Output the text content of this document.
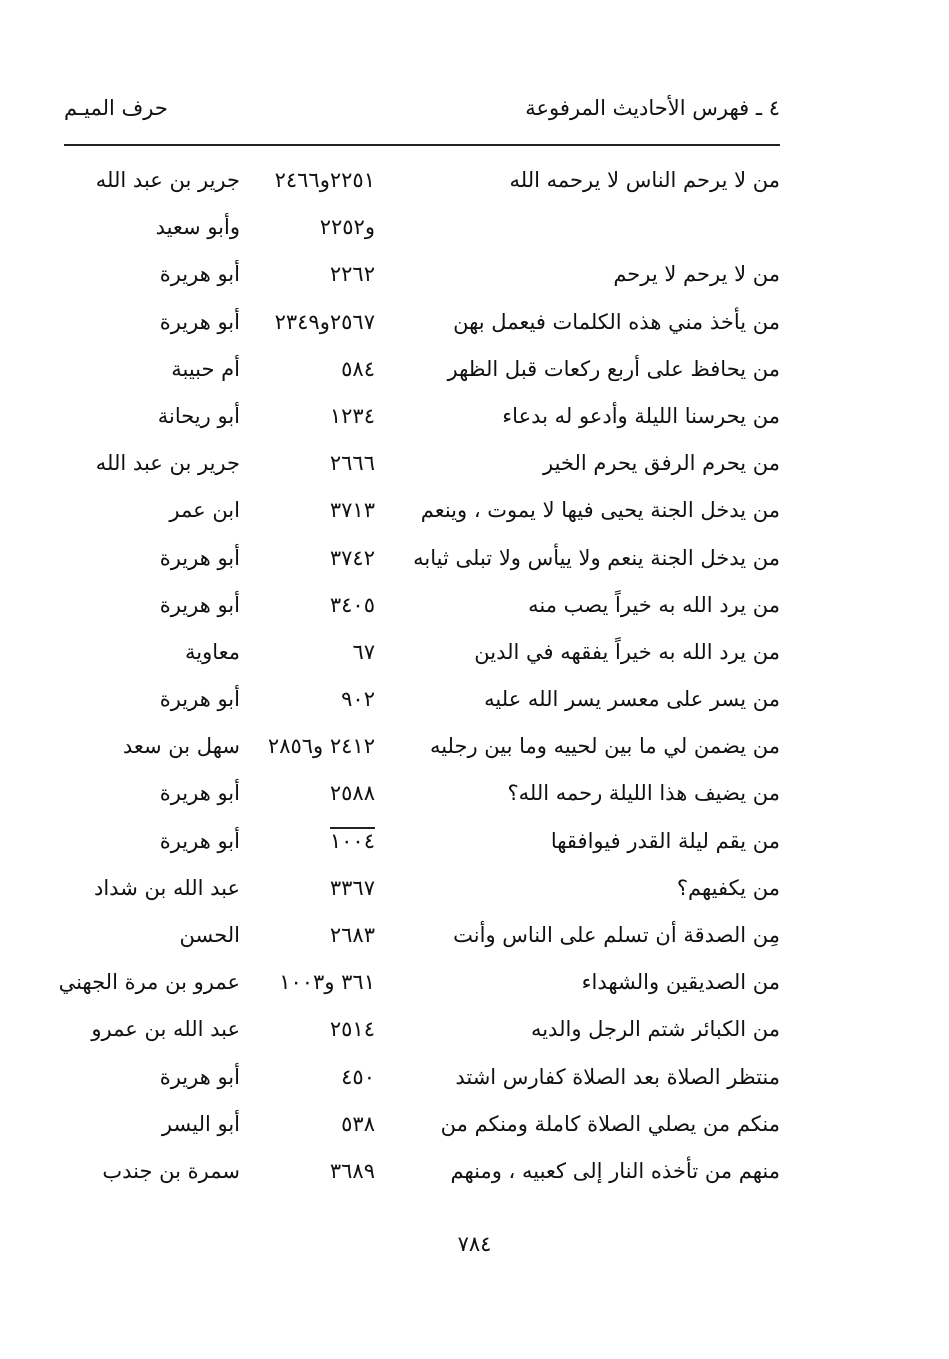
٤ ـ فهرس الأحاديث المرفوعة
حرف الميـم
من لا يرحم الناس لا يرحمه الله
٢٢٥١و٢٤٦٦
جرير بن عبد الله
و٢٢٥٢
وأبو سعيد
من لا يرحم لا يرحم
٢٢٦٢
أبو هريرة
من يأخذ مني هذه الكلمات فيعمل بهن
٢٥٦٧و٢٣٤٩
أبو هريرة
من يحافظ على أربع ركعات قبل الظهر
٥٨٤
أم حبيبة
من يحرسنا الليلة وأدعو له بدعاء
١٢٣٤
أبو ريحانة
من يحرم الرفق يحرم الخير
٢٦٦٦
جرير بن عبد الله
من يدخل الجنة يحيى فيها لا يموت ، وينعم
٣٧١٣
ابن عمر
من يدخل الجنة ينعم ولا ييأس ولا تبلى ثيابه
٣٧٤٢
أبو هريرة
من يرد الله به خيراً يصب منه
٣٤٠٥
أبو هريرة
من يرد الله به خيراً يفقهه في الدين
٦٧
معاوية
من يسر على معسر يسر الله عليه
٩٠٢
أبو هريرة
من يضمن لي ما بين لحييه وما بين رجليه
٢٤١٢ و٢٨٥٦
سهل بن سعد
من يضيف هذا الليلة رحمه الله؟
٢٥٨٨
أبو هريرة
من يقم ليلة القدر فيوافقها
١٠٠٤
أبو هريرة
من يكفيهم؟
٣٣٦٧
عبد الله بن شداد
مِن الصدقة أن تسلم على الناس وأنت
٢٦٨٣
الحسن
من الصديقين والشهداء
٣٦١ و١٠٠٣
عمرو بن مرة الجهني
من الكبائر شتم الرجل والديه
٢٥١٤
عبد الله بن عمرو
منتظر الصلاة بعد الصلاة كفارس اشتد
٤٥٠
أبو هريرة
منكم من يصلي الصلاة كاملة ومنكم من
٥٣٨
أبو اليسر
منهم من تأخذه النار إلى كعبيه ، ومنهم
٣٦٨٩
سمرة بن جندب
٧٨٤
